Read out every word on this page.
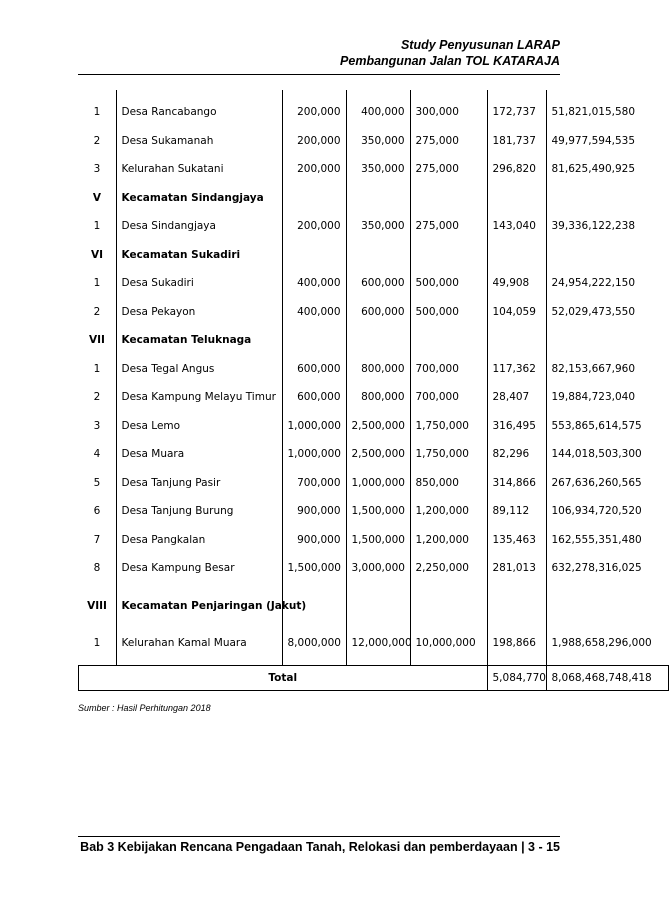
Study Penyusunan LARAP
Pembangunan Jalan TOL KATARAJA
1	Desa Rancabango	200,000	400,000	300,000	172,737	51,821,015,580
2	Desa Sukamanah	200,000	350,000	275,000	181,737	49,977,594,535
3	Kelurahan Sukatani	200,000	350,000	275,000	296,820	81,625,490,925
V	Kecamatan Sindangjaya					
1	Desa Sindangjaya	200,000	350,000	275,000	143,040	39,336,122,238
VI	Kecamatan Sukadiri					
1	Desa Sukadiri	400,000	600,000	500,000	49,908	24,954,222,150
2	Desa Pekayon	400,000	600,000	500,000	104,059	52,029,473,550
VII	Kecamatan Teluknaga					
1	Desa Tegal Angus	600,000	800,000	700,000	117,362	82,153,667,960
2	Desa Kampung Melayu Timur	600,000	800,000	700,000	28,407	19,884,723,040
3	Desa Lemo	1,000,000	2,500,000	1,750,000	316,495	553,865,614,575
4	Desa Muara	1,000,000	2,500,000	1,750,000	82,296	144,018,503,300
5	Desa Tanjung Pasir	700,000	1,000,000	850,000	314,866	267,636,260,565
6	Desa Tanjung Burung	900,000	1,500,000	1,200,000	89,112	106,934,720,520
7	Desa Pangkalan	900,000	1,500,000	1,200,000	135,463	162,555,351,480
8	Desa Kampung Besar	1,500,000	3,000,000	2,250,000	281,013	632,278,316,025
VIII	Kecamatan Penjaringan (Jakut)					
1	Kelurahan Kamal Muara	8,000,000	12,000,000	10,000,000	198,866	1,988,658,296,000

Total					5,084,770	8,068,468,748,418
Sumber : Hasil Perhitungan 2018
Bab 3 Kebijakan Rencana Pengadaan Tanah, Relokasi dan pemberdayaan | 3 - 15
